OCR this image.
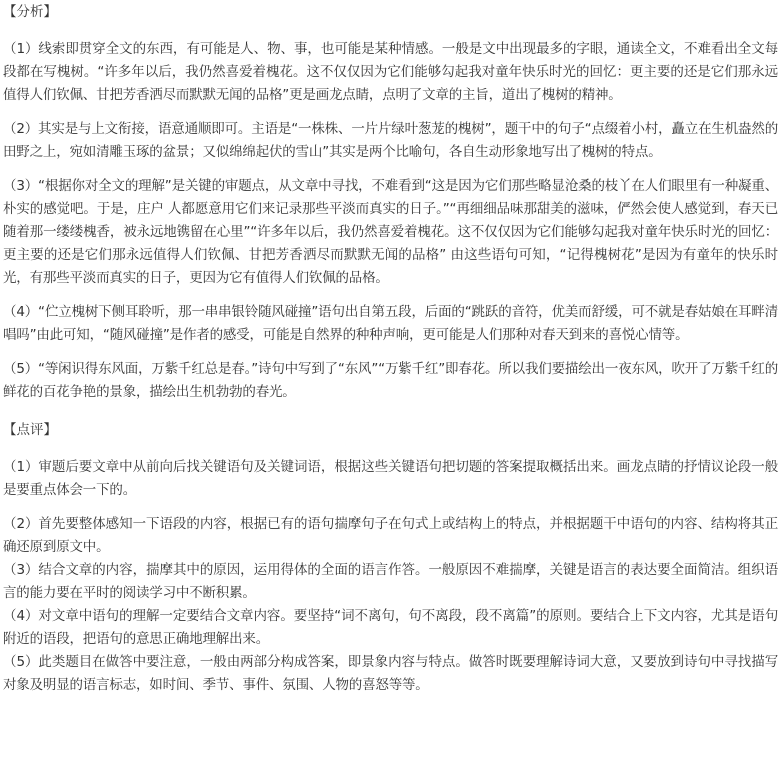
【分析】

（1）线索即贯穿全文的东西，有可能是人、物、事，也可能是某种情感。一般是文中出现最多的字眼，通读全文，不难看出全文每段都在写槐树。“许多年以后，我仍然喜爱着槐花。这不仅仅因为它们能够勾起我对童年快乐时光的回忆：更主要的还是它们那永远值得人们钦佩、甘把芳香洒尽而默默无闻的品格”更是画龙点睛，点明了文章的主旨，道出了槐树的精神。

（2）其实是与上文衔接，语意通顺即可。主语是“一株株、一片片绿叶葱茏的槐树”，题干中的句子“点缀着小村，矗立在生机盎然的田野之上，宛如清雕玉琢的盆景；又似绵绵起伏的雪山”其实是两个比喻句，各自生动形象地写出了槐树的特点。

（3）“根据你对全文的理解”是关键的审题点，从文章中寻找，不难看到“这是因为它们那些略显沧桑的枝丫在人们眼里有一种凝重、朴实的感觉吧。于是，庄户 人都愿意用它们来记录那些平淡而真实的日子。”“再细细品味那甜美的滋味，俨然会使人感觉到，春天已随着那一缕缕槐香，被永远地镌留在心里”“许多年以后，我仍然喜爱着槐花。这不仅仅因为它们能够勾起我对童年快乐时光的回忆：更主要的还是它们那永远值得人们钦佩、甘把芳香洒尽而默默无闻的品格” 由这些语句可知，“记得槐树花”是因为有童年的快乐时光，有那些平淡而真实的日子，更因为它有值得人们钦佩的品格。

（4）“伫立槐树下侧耳聆听，那一串串银铃随风碰撞”语句出自第五段，后面的“跳跃的音符，优美而舒缓，可不就是春姑娘在耳畔清唱吗”由此可知，“随风碰撞”是作者的感受，可能是自然界的种种声响，更可能是人们那种对春天到来的喜悦心情等。

（5）“等闲识得东风面，万紫千红总是春。”诗句中写到了“东风”“万紫千红”即春花。所以我们要描绘出一夜东风，吹开了万紫千红的鲜花的百花争艳的景象，描绘出生机勃勃的春光。

【点评】

（1）审题后要文章中从前向后找关键语句及关键词语，根据这些关键语句把切题的答案提取概括出来。画龙点睛的抒情议论段一般是要重点体会一下的。

（2）首先要整体感知一下语段的内容，根据已有的语句揣摩句子在句式上或结构上的特点，并根据题干中语句的内容、结构将其正确还原到原文中。

（3）结合文章的内容，揣摩其中的原因，运用得体的全面的语言作答。一般原因不难揣摩，关键是语言的表达要全面简洁。组织语言的能力要在平时的阅读学习中不断积累。

（4）对文章中语句的理解一定要结合文章内容。要坚持“词不离句，句不离段，段不离篇”的原则。要结合上下文内容，尤其是语句附近的语段，把语句的意思正确地理解出来。

（5）此类题目在做答中要注意，一般由两部分构成答案，即景象内容与特点。做答时既要理解诗词大意，又要放到诗句中寻找描写对象及明显的语言标志，如时间、季节、事件、氛围、人物的喜怒等等。
